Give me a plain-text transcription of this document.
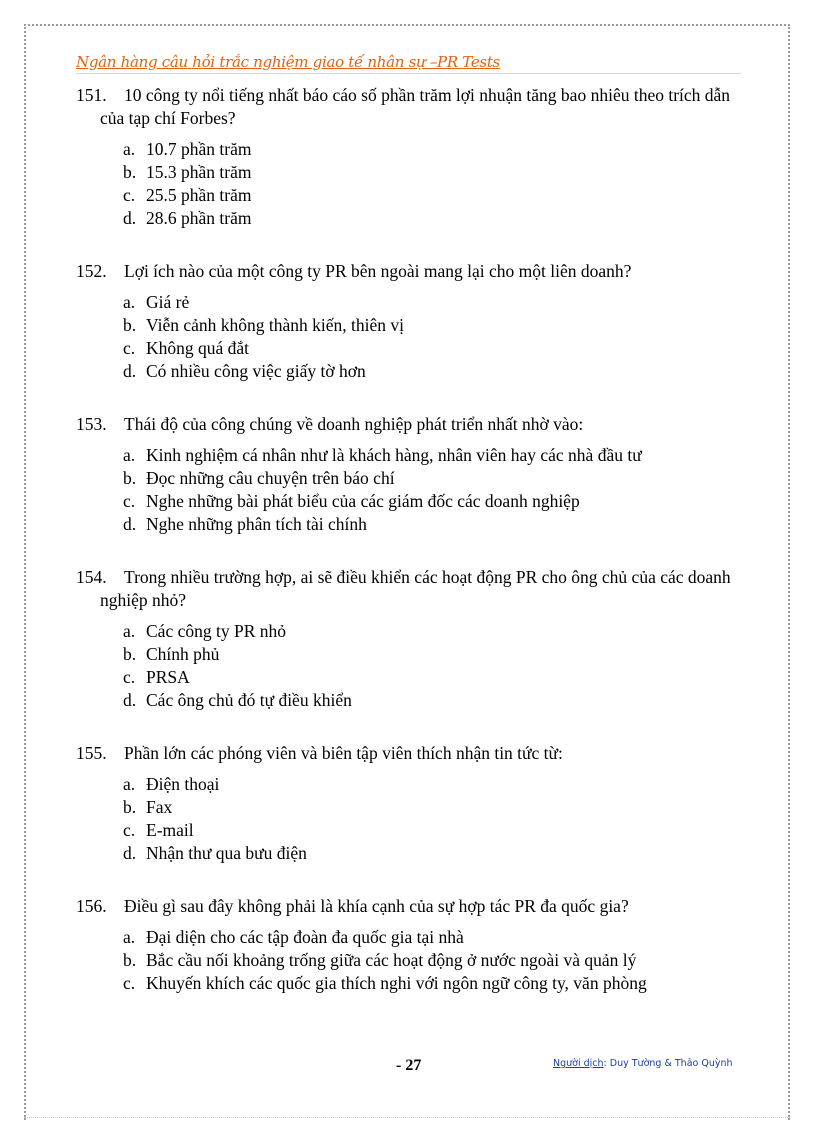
Ngân hàng câu hỏi trắc nghiệm giao tế nhân sự –PR Tests
151. 10 công ty nổi tiếng nhất báo cáo số phần trăm lợi nhuận tăng bao nhiêu theo trích dẫn của tạp chí Forbes?
a. 10.7 phần trăm
b. 15.3 phần trăm
c. 25.5 phần trăm
d. 28.6 phần trăm
152. Lợi ích nào của một công ty PR bên ngoài mang lại cho một liên doanh?
a. Giá rẻ
b. Viễn cảnh không thành kiến, thiên vị
c. Không quá đắt
d. Có nhiều công việc giấy tờ hơn
153. Thái độ của công chúng về doanh nghiệp phát triển nhất nhờ vào:
a. Kinh nghiệm cá nhân như là khách hàng, nhân viên hay các nhà đầu tư
b. Đọc những câu chuyện trên báo chí
c. Nghe những bài phát biểu của các giám đốc các doanh nghiệp
d. Nghe những phân tích tài chính
154. Trong nhiều trường hợp, ai sẽ điều khiển các hoạt động PR cho ông chủ của các doanh nghiệp nhỏ?
a. Các công ty PR nhỏ
b. Chính phủ
c. PRSA
d. Các ông chủ đó tự điều khiển
155. Phần lớn các phóng viên và biên tập viên thích nhận tin tức từ:
a. Điện thoại
b. Fax
c. E-mail
d. Nhận thư qua bưu điện
156. Điều gì sau đây không phải là khía cạnh của sự hợp tác PR đa quốc gia?
a. Đại diện cho các tập đoàn đa quốc gia tại nhà
b. Bắc cầu nối khoảng trống giữa các hoạt động ở nước ngoài và quản lý
c. Khuyến khích các quốc gia thích nghi với ngôn ngữ công ty, văn phòng
- 27	Người dịch: Duy Tường & Thảo Quỳnh
